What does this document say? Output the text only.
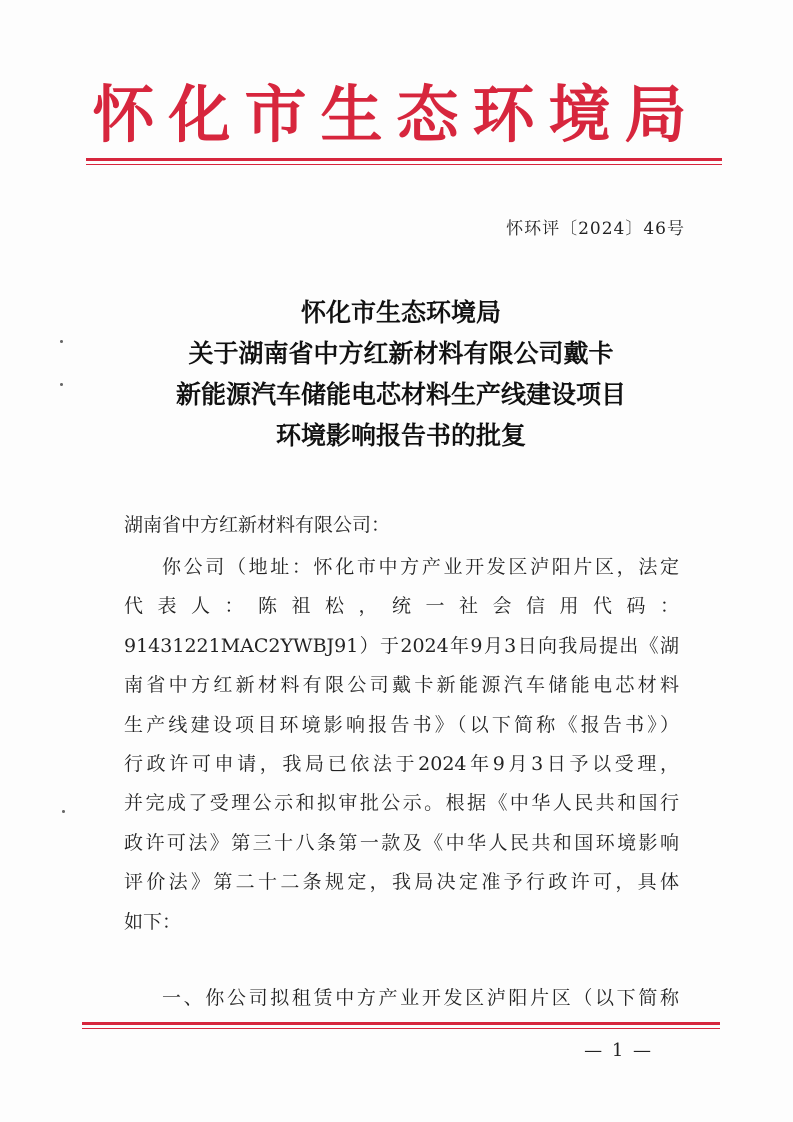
怀化市生态环境局
怀环评〔2024〕46号
怀化市生态环境局
关于湖南省中方红新材料有限公司戴卡
新能源汽车储能电芯材料生产线建设项目
环境影响报告书的批复
湖南省中方红新材料有限公司：
你公司（地址：怀化市中方产业开发区泸阳片区，法定
代表人：陈祖松，统一社会信用代码：
91431221MAC2YWBJ91）于2024年9月3日向我局提出《湖
南省中方红新材料有限公司戴卡新能源汽车储能电芯材料
生产线建设项目环境影响报告书》（以下简称《报告书》）
行政许可申请，我局已依法于2024年9月3日予以受理，
并完成了受理公示和拟审批公示。根据《中华人民共和国行
政许可法》第三十八条第一款及《中华人民共和国环境影响
评价法》第二十二条规定，我局决定准予行政许可，具体
如下：
一、你公司拟租赁中方产业开发区泸阳片区（以下简称
— 1 —
